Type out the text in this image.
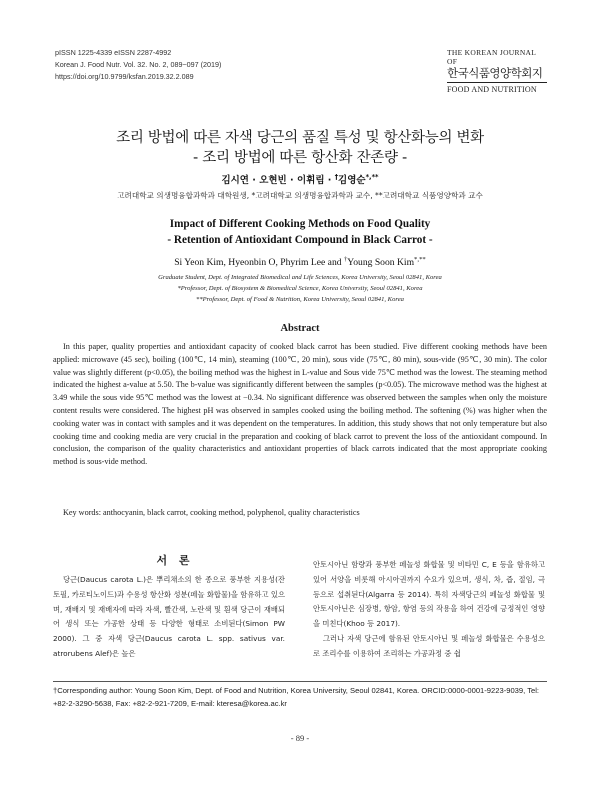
pISSN 1225-4339 eISSN 2287-4992
Korean J. Food Nutr. Vol. 32. No. 2, 089~097 (2019)
https://doi.org/10.9799/ksfan.2019.32.2.089
THE KOREAN JOURNAL OF
한국식품영양학회지
FOOD AND NUTRITION
조리 방법에 따른 자색 당근의 품질 특성 및 항산화능의 변화
- 조리 방법에 따른 항산화 잔존량 -
김시연 · 오현빈 · 이휘림 · †김영순*,**
고려대학교 의생명융합과학과 대학원생, *고려대학교 의생명융합과학과 교수, **고려대학교 식품영양학과 교수
Impact of Different Cooking Methods on Food Quality
- Retention of Antioxidant Compound in Black Carrot -
Si Yeon Kim, Hyeonbin O, Phyrim Lee and †Young Soon Kim*,**
Graduate Student, Dept. of Integrated Biomedical and Life Sciences, Korea University, Seoul 02841, Korea
*Professor, Dept. of Biosystem & Biomedical Science, Korea University, Seoul 02841, Korea
**Professor, Dept. of Food & Nutrition, Korea University, Seoul 02841, Korea
Abstract

In this paper, quality properties and antioxidant capacity of cooked black carrot has been studied. Five different cooking methods have been applied: microwave (45 sec), boiling (100℃, 14 min), steaming (100℃, 20 min), sous vide (75℃, 80 min), sous-vide (95℃, 30 min). The color value was slightly different (p<0.05), the boiling method was the highest in L-value and Sous vide 75℃ method was the lowest. The steaming method indicated the highest a-value at 5.50. The b-value was significantly different between the samples (p<0.05). The microwave method was the highest at 3.49 while the sous vide 95℃ method was the lowest at −0.34. No significant difference was observed between the samples when only the moisture content results were considered. The highest pH was observed in samples cooked using the boiling method. The softening (%) was higher when the cooking water was in contact with samples and it was dependent on the temperatures. In addition, this study shows that not only temperature but also cooking time and cooking media are very crucial in the preparation and cooking of black carrot to prevent the loss of the antioxidant compound. In conclusion, the comparison of the quality characteristics and antioxidant properties of black carrots indicated that the most appropriate cooking method is sous-vide method.

Key words: anthocyanin, black carrot, cooking method, polyphenol, quality characteristics
서 론

당근(Daucus carota L.)은 뿌리채소의 한 종으로 풍부한 지용성(잔토필, 카로티노이드)과 수용성 항산화 성분(페놀 화합물)을 함유하고 있으며, 재배지 및 재배자에 따라 자색, 빨간색, 노란색 및 흰색 당근이 재배되어 생식 또는 가공한 상태 등 다양한 형태로 소비된다(Simon PW 2000). 그 중 자색 당근(Daucus carota L. spp. sativus var. atrorubens Alef)은 높은

안토시아닌 함량과 풍부한 페놀성 화합물 및 비타민 C, E 등을 함유하고 있어 서양을 비롯해 아시아권까지 수요가 있으며, 생식, 차, 즙, 절임, 극 등으로 섭취된다(Algarra 등 2014). 특히 자색당근의 페놀성 화합물 및 안토시아닌은 심장병, 항암, 항염 등의 작용을 하여 건강에 긍정적인 영향을 미친다(Khoo 등 2017).

그러나 자색 당근에 함유된 안토시아닌 및 페놀성 화합물은 수용성으로 조리수를 이용하여 조리하는 가공과정 중 쉽

†Corresponding author: Young Soon Kim, Dept. of Food and Nutrition, Korea University, Seoul 02841, Korea. ORCID:0000-0001-9223-9039, Tel: +82-2-3290-5638, Fax: +82-2-921-7209, E-mail: kteresa@korea.ac.kr
- 89 -
